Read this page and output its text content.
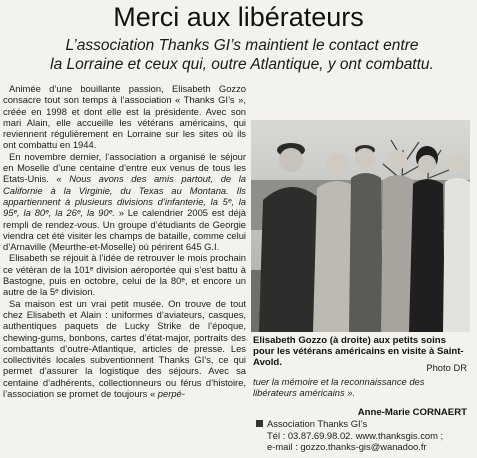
Merci aux libérateurs
L’association Thanks GI’s maintient le contact entre
la Lorraine et ceux qui, outre Atlantique, y ont combattu.

Animée d’une bouillante passion, Elisabeth Gozzo consacre tout son temps à l’association « Thanks GI’s », créée en 1998 et dont elle est la présidente. Avec son mari Alain, elle accueille les vétérans américains, qui reviennent régulièrement en Lorraine sur les sites où ils ont combattu en 1944.

En novembre dernier, l’association a organisé le séjour en Moselle d’une centaine d’entre eux venus de tous les Etats-Unis. « Nous avons des amis partout, de la Californie à la Virginie, du Texas au Montana. Ils appartiennent à plusieurs divisions d’infanterie, la 5ᵉ, la 95ᵉ, la 80ᵉ, la 26ᵉ, la 90ᵉ. » Le calendrier 2005 est déjà rempli de rendez-vous. Un groupe d’étudiants de Georgie viendra cet été visiter les champs de bataille, comme celui d’Arnaville (Meurthe-et-Moselle) où périrent 645 G.I.

Elisabeth se réjouit à l’idée de retrouver le mois prochain ce vétéran de la 101ᵉ division aéroportée qui s’est battu à Bastogne, puis en octobre, celui de la 80ᵉ, et encore un autre de la 5ᵉ division.

Sa maison est un vrai petit musée. On trouve de tout chez Elisabeth et Alain : uniformes d’aviateurs, casques, authentiques paquets de Lucky Strike de l’époque, chewing-gums, bonbons, cartes d’état-major, portraits des combattants d’outre-Atlantique, articles de presse. Les collectivités locales subventionnent Thanks GI’s, ce qui permet d’assurer la logistique des séjours. Avec sa centaine d’adhérents, collectionneurs ou férus d’histoire, l’association se promet de toujours « perpé-

Elisabeth Gozzo (à droite) aux petits soins pour les vétérans américains en visite à Saint-Avold.	Photo DR
tuer la mémoire et la reconnaissance des libérateurs américains ».
Anne-Marie CORNAERT
Association Thanks GI’s
Tél : 03.87.69.98.02. www.thanksgis.com ;
e-mail : gozzo.thanks-gis@wanadoo.fr
